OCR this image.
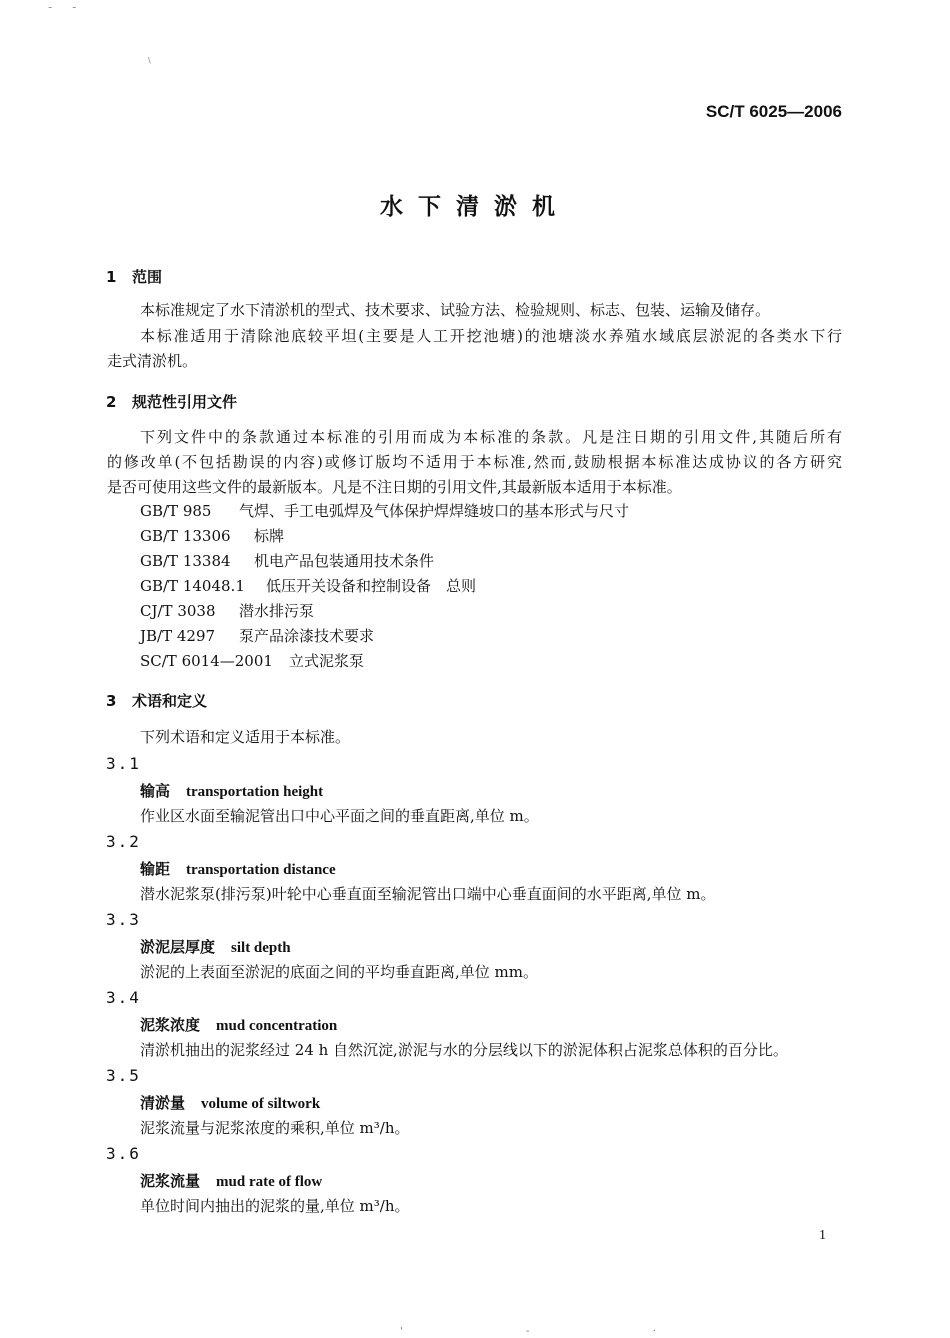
- -
\
SC/T 6025—2006
水下清淤机
1 范围
本标准规定了水下清淤机的型式、技术要求、试验方法、检验规则、标志、包装、运输及储存。
本标准适用于清除池底较平坦(主要是人工开挖池塘)的池塘淡水养殖水域底层淤泥的各类水下行
走式清淤机。
2 规范性引用文件
下列文件中的条款通过本标准的引用而成为本标准的条款。凡是注日期的引用文件,其随后所有
的修改单(不包括勘误的内容)或修订版均不适用于本标准,然而,鼓励根据本标准达成协议的各方研究
是否可使用这些文件的最新版本。凡是不注日期的引用文件,其最新版本适用于本标准。
GB/T 985 气焊、手工电弧焊及气体保护焊焊缝坡口的基本形式与尺寸
GB/T 13306 标牌
GB/T 13384 机电产品包装通用技术条件
GB/T 14048.1 低压开关设备和控制设备　总则
CJ/T 3038 潜水排污泵
JB/T 4297 泵产品涂漆技术要求
SC/T 6014—2001 立式泥浆泵
3 术语和定义
下列术语和定义适用于本标准。
3.1
输高 transportation height
作业区水面至输泥管出口中心平面之间的垂直距离,单位 m。
3.2
输距 transportation distance
潜水泥浆泵(排污泵)叶轮中心垂直面至输泥管出口端中心垂直面间的水平距离,单位 m。
3.3
淤泥层厚度 silt depth
淤泥的上表面至淤泥的底面之间的平均垂直距离,单位 mm。
3.4
泥浆浓度 mud concentration
清淤机抽出的泥浆经过 24 h 自然沉淀,淤泥与水的分层线以下的淤泥体积占泥浆总体积的百分比。
3.5
清淤量 volume of siltwork
泥浆流量与泥浆浓度的乘积,单位 m³/h。
3.6
泥浆流量 mud rate of flow
单位时间内抽出的泥浆的量,单位 m³/h。
1
' - ·
